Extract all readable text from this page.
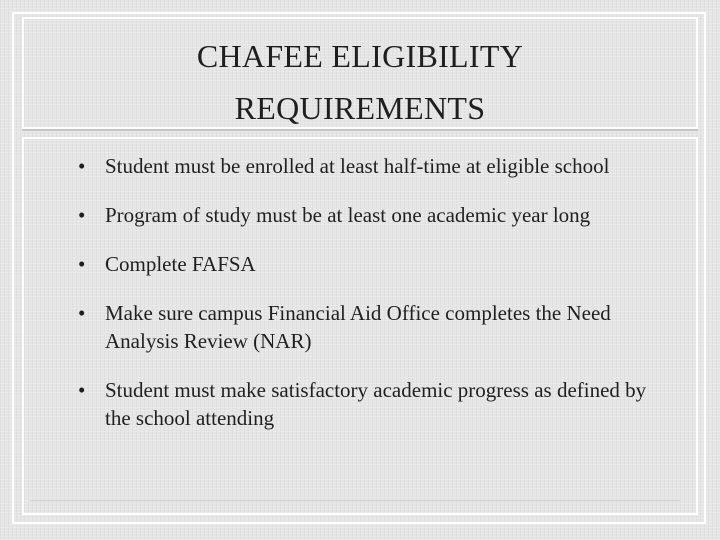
CHAFEE ELIGIBILITY
REQUIREMENTS
• Student must be enrolled at least half-time at eligible school
• Program of study must be at least one academic year long
• Complete FAFSA
• Make sure campus Financial Aid Office completes the Need Analysis Review (NAR)
• Student must make satisfactory academic progress as defined by the school attending
